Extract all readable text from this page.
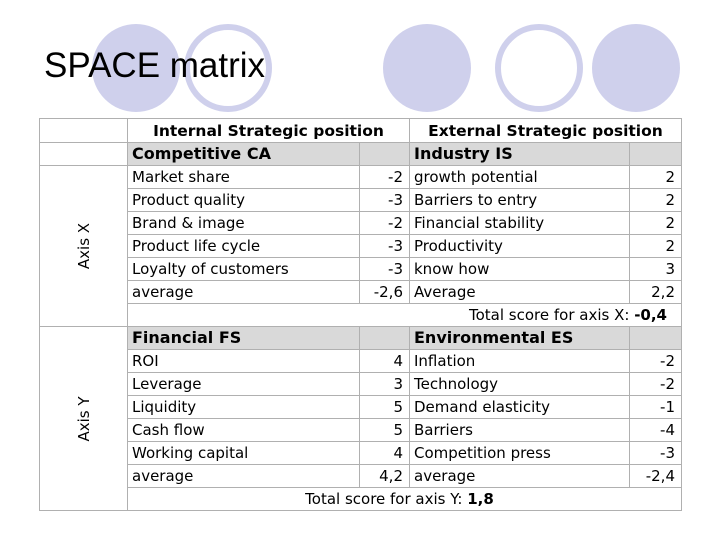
SPACE matrix
	Internal Strategic position		External Strategic position	
	Competitive CA		Industry IS	

Axis X	Market share	-2	growth potential	2
	Product quality	-3	Barriers to entry	2
	Brand & image	-2	Financial stability	2
	Product life cycle	-3	Productivity	2
	Loyalty of customers	-3	know how	3
	average	-2,6	Average	2,2
	Total score for axis X: -0,4			

Axis Y	Financial FS		Environmental ES	
	ROI	4	Inflation	-2
	Leverage	3	Technology	-2
	Liquidity	5	Demand elasticity	-1
	Cash flow	5	Barriers	-4
	Working capital	4	Competition press	-3
	average	4,2	average	-2,4
	Total score for axis Y: 1,8			
